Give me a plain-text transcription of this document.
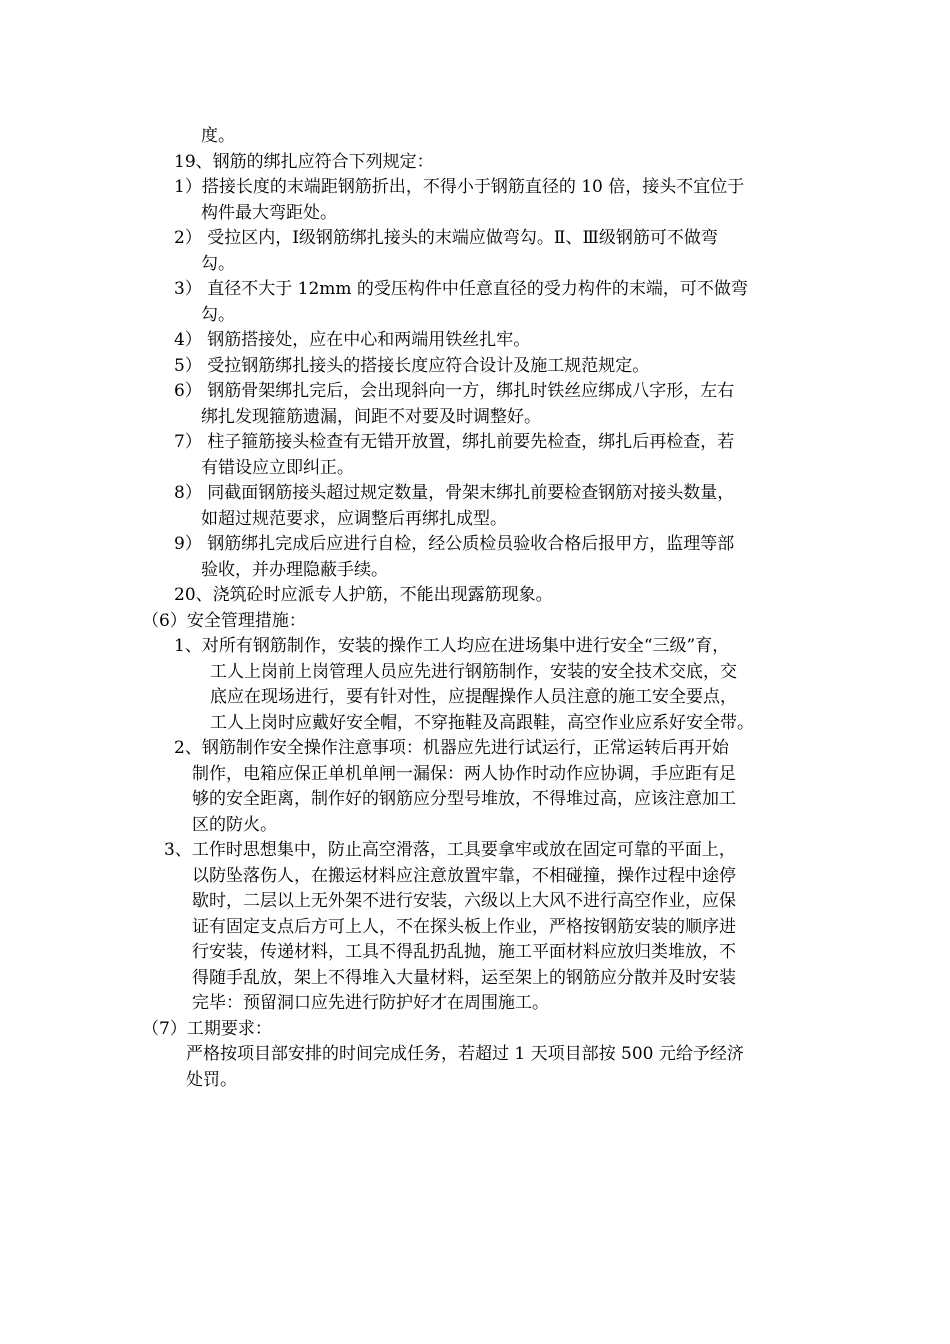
度。
19、钢筋的绑扎应符合下列规定：
1）搭接长度的末端距钢筋折出，不得小于钢筋直径的 10 倍，接头不宜位于
构件最大弯距处。
2） 受拉区内，Ⅰ级钢筋绑扎接头的末端应做弯勾。Ⅱ、Ⅲ级钢筋可不做弯
勾。
3） 直径不大于 12mm 的受压构件中任意直径的受力构件的末端，可不做弯
勾。
4） 钢筋搭接处，应在中心和两端用铁丝扎牢。
5） 受拉钢筋绑扎接头的搭接长度应符合设计及施工规范规定。
6） 钢筋骨架绑扎完后，会出现斜向一方，绑扎时铁丝应绑成八字形，左右
绑扎发现箍筋遗漏，间距不对要及时调整好。
7） 柱子箍筋接头检查有无错开放置，绑扎前要先检查，绑扎后再检查，若
有错设应立即纠正。
8） 同截面钢筋接头超过规定数量，骨架末绑扎前要检查钢筋对接头数量，
如超过规范要求，应调整后再绑扎成型。
9） 钢筋绑扎完成后应进行自检，经公质检员验收合格后报甲方，监理等部
验收，并办理隐蔽手续。
20、浇筑砼时应派专人护筋，不能出现露筋现象。
（6）安全管理措施：
1、对所有钢筋制作，安装的操作工人均应在进场集中进行安全“三级”育，
工人上岗前上岗管理人员应先进行钢筋制作，安装的安全技术交底，交
底应在现场进行，要有针对性，应提醒操作人员注意的施工安全要点，
工人上岗时应戴好安全帽，不穿拖鞋及高跟鞋，高空作业应系好安全带。
2、钢筋制作安全操作注意事项：机器应先进行试运行，正常运转后再开始
制作，电箱应保正单机单闸一漏保：两人协作时动作应协调，手应距有足
够的安全距离，制作好的钢筋应分型号堆放，不得堆过高，应该注意加工
区的防火。
3、工作时思想集中，防止高空滑落，工具要拿牢或放在固定可靠的平面上，
以防坠落伤人，在搬运材料应注意放置牢靠，不相碰撞，操作过程中途停
歇时，二层以上无外架不进行安装，六级以上大风不进行高空作业，应保
证有固定支点后方可上人，不在探头板上作业，严格按钢筋安装的顺序进
行安装，传递材料，工具不得乱扔乱抛，施工平面材料应放归类堆放，不
得随手乱放，架上不得堆入大量材料，运至架上的钢筋应分散并及时安装
完毕：预留洞口应先进行防护好才在周围施工。
（7）工期要求：
严格按项目部安排的时间完成任务，若超过 1 天项目部按 500 元给予经济
处罚。
